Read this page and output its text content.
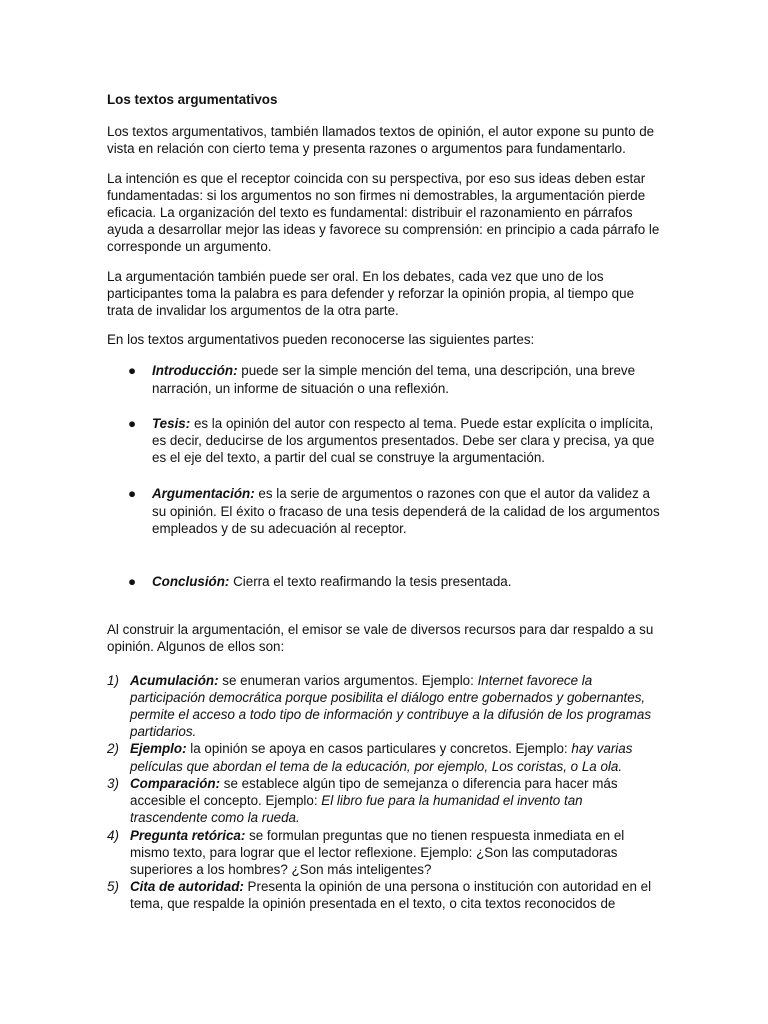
Los textos argumentativos

Los textos argumentativos, también llamados textos de opinión, el autor expone su punto de vista en relación con cierto tema y presenta razones o argumentos para fundamentarlo.

La intención es que el receptor coincida con su perspectiva, por eso sus ideas deben estar fundamentadas: si los argumentos no son firmes ni demostrables, la argumentación pierde eficacia. La organización del texto es fundamental: distribuir el razonamiento en párrafos ayuda a desarrollar mejor las ideas y favorece su comprensión: en principio a cada párrafo le corresponde un argumento.

La argumentación también puede ser oral. En los debates, cada vez que uno de los participantes toma la palabra es para defender y reforzar la opinión propia, al tiempo que trata de invalidar los argumentos de la otra parte.

En los textos argumentativos pueden reconocerse las siguientes partes:

● Introducción: puede ser la simple mención del tema, una descripción, una breve narración, un informe de situación o una reflexión.
● Tesis: es la opinión del autor con respecto al tema. Puede estar explícita o implícita, es decir, deducirse de los argumentos presentados. Debe ser clara y precisa, ya que es el eje del texto, a partir del cual se construye la argumentación.
● Argumentación: es la serie de argumentos o razones con que el autor da validez a su opinión. El éxito o fracaso de una tesis dependerá de la calidad de los argumentos empleados y de su adecuación al receptor.
● Conclusión: Cierra el texto reafirmando la tesis presentada.

Al construir la argumentación, el emisor se vale de diversos recursos para dar respaldo a su opinión. Algunos de ellos son:

1) Acumulación: se enumeran varios argumentos. Ejemplo: Internet favorece la participación democrática porque posibilita el diálogo entre gobernados y gobernantes, permite el acceso a todo tipo de información y contribuye a la difusión de los programas partidarios.
2) Ejemplo: la opinión se apoya en casos particulares y concretos. Ejemplo: hay varias películas que abordan el tema de la educación, por ejemplo, Los coristas, o La ola.
3) Comparación: se establece algún tipo de semejanza o diferencia para hacer más accesible el concepto. Ejemplo: El libro fue para la humanidad el invento tan trascendente como la rueda.
4) Pregunta retórica: se formulan preguntas que no tienen respuesta inmediata en el mismo texto, para lograr que el lector reflexione. Ejemplo: ¿Son las computadoras superiores a los hombres? ¿Son más inteligentes?
5) Cita de autoridad: Presenta la opinión de una persona o institución con autoridad en el tema, que respalde la opinión presentada en el texto, o cita textos reconocidos de
